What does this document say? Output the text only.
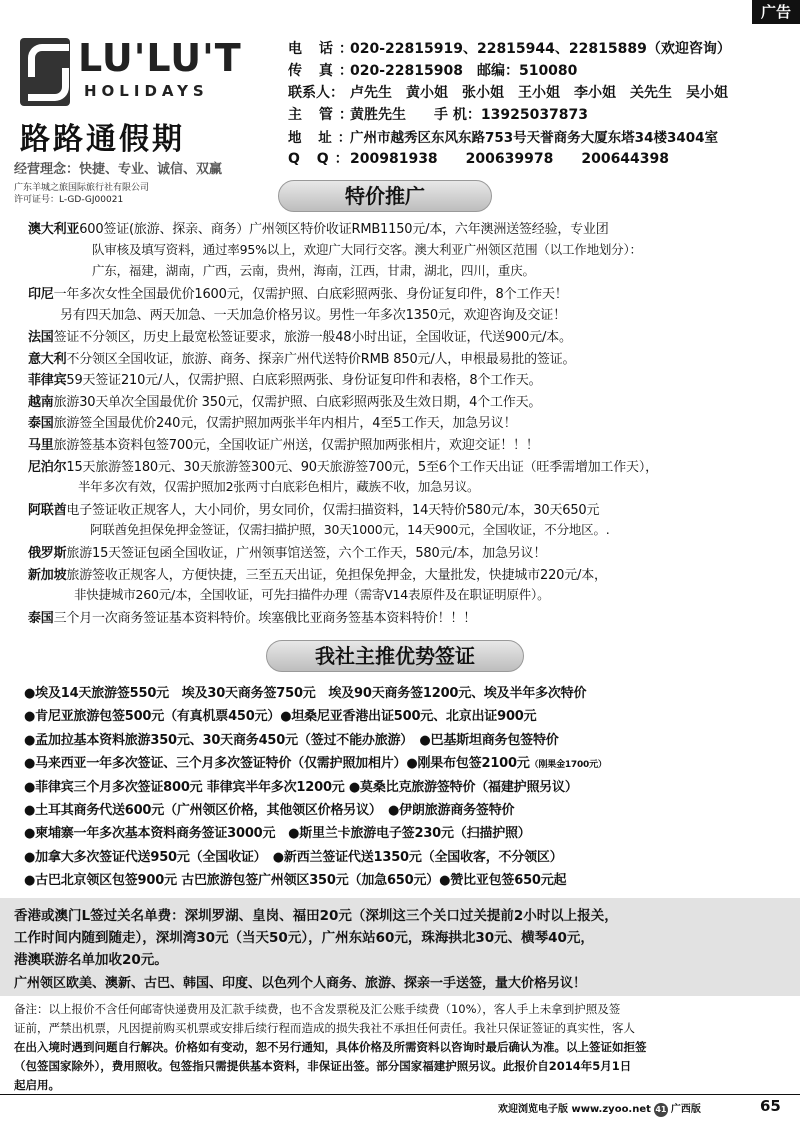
广告
LU'LU'T
HOLIDAYS
路路通假期
经营理念：快捷、专业、诚信、双赢
广东羊城之旅国际旅行社有限公司
许可证号：L-GD-GJ00021
电 话：020-22815919、22815944、22815889（欢迎咨询）
传 真：020-22815908　邮编：510080
联系人： 卢先生　黄小姐　张小姐　王小姐　李小姐　关先生　吴小姐
主 管：黄胜先生　　手 机：13925037873
地 址：广州市越秀区东风东路753号天誉商务大厦东塔34楼3404室
Q Q：200981938　　200639978　　200644398
特价推广
澳大利亚600签证(旅游、探亲、商务）广州领区特价收证RMB1150元/本，六年澳洲送签经验，专业团
队审核及填写资料，通过率95%以上，欢迎广大同行交客。澳大利亚广州领区范围（以工作地划分）：
广东，福建，湖南，广西，云南，贵州，海南，江西，甘肃，湖北，四川，重庆。
印尼一年多次女性全国最优价1600元，仅需护照、白底彩照两张、身份证复印件，8个工作天！
另有四天加急、两天加急、一天加急价格另议。男性一年多次1350元，欢迎咨询及交证！
法国签证不分领区，历史上最宽松签证要求，旅游一般48小时出证，全国收证，代送900元/本。
意大利不分领区全国收证，旅游、商务、探亲广州代送特价RMB 850元/人，申根最易批的签证。
菲律宾59天签证210元/人，仅需护照、白底彩照两张、身份证复印件和表格，8个工作天。
越南旅游30天单次全国最优价 350元，仅需护照、白底彩照两张及生效日期，4个工作天。
泰国旅游签全国最优价240元，仅需护照加两张半年内相片，4至5工作天，加急另议！
马里旅游签基本资料包签700元，全国收证广州送，仅需护照加两张相片，欢迎交证！！！
尼泊尔15天旅游签180元、30天旅游签300元、90天旅游签700元，5至6个工作天出证（旺季需增加工作天），
半年多次有效，仅需护照加2张两寸白底彩色相片，藏族不收，加急另议。
阿联酋电子签证收正规客人，大小同价，男女同价，仅需扫描资料，14天特价580元/本，30天650元
阿联酋免担保免押金签证，仅需扫描护照，30天1000元，14天900元，全国收证，不分地区。.
俄罗斯旅游15天签证包函全国收证，广州领事馆送签，六个工作天，580元/本，加急另议！
新加坡旅游签收正规客人，方便快捷，三至五天出证，免担保免押金，大量批发，快捷城市220元/本，
非快捷城市260元/本，全国收证，可先扫描件办理（需寄V14表原件及在职证明原件）。
泰国三个月一次商务签证基本资料特价。埃塞俄比亚商务签基本资料特价！！！
我社主推优势签证
●埃及14天旅游签550元　埃及30天商务签750元　埃及90天商务签1200元、埃及半年多次特价
●肯尼亚旅游包签500元（有真机票450元）●坦桑尼亚香港出证500元、北京出证900元
●孟加拉基本资料旅游350元、30天商务450元（签过不能办旅游）　●巴基斯坦商务包签特价
●马来西亚一年多次签证、三个月多次签证特价（仅需护照加相片）●刚果布包签2100元（刚果金1700元）
●菲律宾三个月多次签证800元 菲律宾半年多次1200元 ●莫桑比克旅游签特价（福建护照另议）
●土耳其商务代送600元（广州领区价格，其他领区价格另议）　●伊朗旅游商务签特价
●柬埔寨一年多次基本资料商务签证3000元　●斯里兰卡旅游电子签230元（扫描护照）
●加拿大多次签证代送950元（全国收证）　●新西兰签证代送1350元（全国收客，不分领区）
●古巴北京领区包签900元 古巴旅游包签广州领区350元（加急650元）●赞比亚包签650元起
香港或澳门L签过关名单费：深圳罗湖、皇岗、福田20元（深圳这三个关口过关提前2小时以上报关，
工作时间内随到随走），深圳湾30元（当天50元），广州东站60元，珠海拱北30元、横琴40元，
港澳联游名单加收20元。
广州领区欧美、澳新、古巴、韩国、印度、以色列个人商务、旅游、探亲一手送签，量大价格另议！
备注：以上报价不含任何邮寄快递费用及汇款手续费，也不含发票税及汇公账手续费（10%），客人手上未拿到护照及签
证前，严禁出机票，凡因提前购买机票或安排后续行程而造成的损失我社不承担任何责任。我社只保证签证的真实性，客人
在出入境时遇到问题自行解决。价格如有变动，恕不另行通知，具体价格及所需资料以咨询时最后确认为准。以上签证如拒签
（包签国家除外），费用照收。包签指只需提供基本资料，非保证出签。部分国家福建护照另议。此报价自2014年5月1日
起启用。
欢迎浏览电子版 www.zyoo.net 41 广西版	65
